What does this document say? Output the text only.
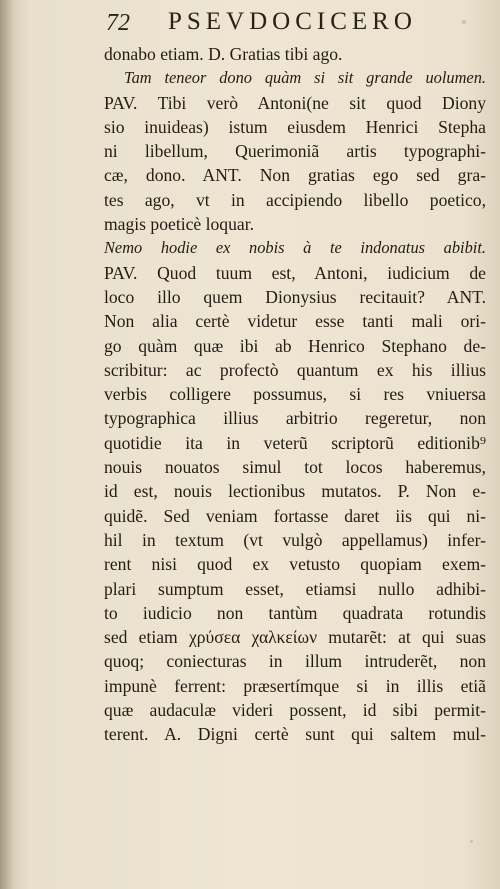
72 PSEVDOCICERO
donabo etiam. D. Gratias tibi ago.
Tam teneor dono quàm si sit grande uolumen.
PAV. Tibi verò Antoni(ne sit quod Diony
sio inuideas) istum eiusdem Henrici Stepha
ni libellum, Querimoniã artis typographi-
cæ, dono. ANT. Non gratias ego sed gra-
tes ago, vt in accipiendo libello poetico,
magis poeticè loquar.
Nemo hodie ex nobis à te indonatus abibit.
PAV. Quod tuum est, Antoni, iudicium de
loco illo quem Dionysius recitauit? ANT.
Non alia certè videtur esse tanti mali ori-
go quàm quæ ibi ab Henrico Stephano de-
scribitur: ac profectò quantum ex his illius
verbis colligere possumus, si res vniuersa
typographica illius arbitrio regeretur, non
quotidie ita in veterũ scriptorũ editionib⁹
nouis nouatos simul tot locos haberemus,
id est, nouis lectionibus mutatos. P. Non e-
quidẽ. Sed veniam fortasse daret iis qui ni-
hil in textum (vt vulgò appellamus) infer-
rent nisi quod ex vetusto quopiam exem-
plari sumptum esset, etiamsi nullo adhibi-
to iudicio non tantùm quadrata rotundis
sed etiam χρύσεα χαλκείων mutarẽt: at qui suas
quoq; coniecturas in illum intruderẽt, non
impunè ferrent: præsertímque si in illis etiã
quæ audaculæ videri possent, id sibi permit-
terent. A. Digni certè sunt qui saltem mul-
